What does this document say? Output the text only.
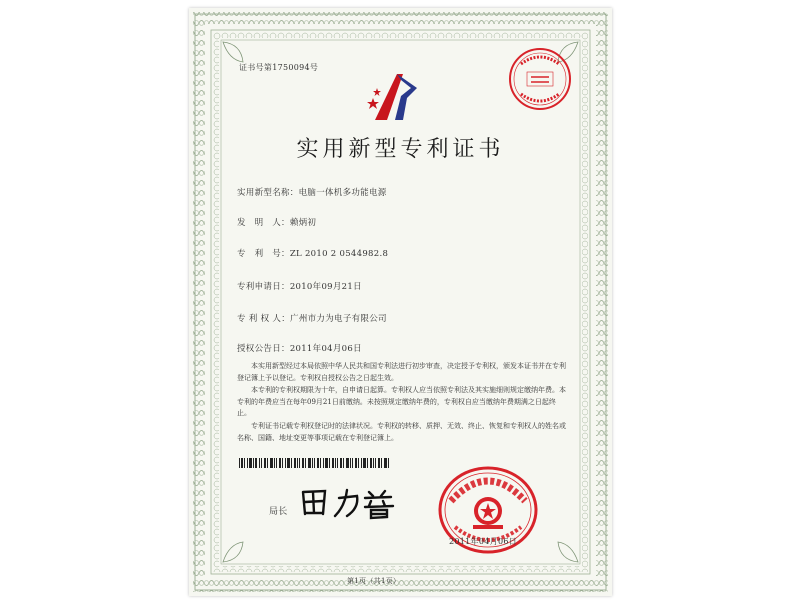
证书号第1750094号
实用新型专利证书
实用新型名称：电脑一体机多功能电源
发　明　人：赖炳初
专　利　号：ZL 2010 2 0544982.8
专利申请日：2010年09月21日
专 利 权 人：广州市力为电子有限公司
授权公告日：2011年04月06日
本实用新型经过本局依照中华人民共和国专利法进行初步审查，决定授予专利权，颁发本证书并在专利登记簿上予以登记。专利权自授权公告之日起生效。
本专利的专利权期限为十年，自申请日起算。专利权人应当依照专利法及其实施细则规定缴纳年费。本专利的年费应当在每年09月21日前缴纳。未按照规定缴纳年费的，专利权自应当缴纳年费期满之日起终止。
专利证书记载专利权登记时的法律状况。专利权的转移、质押、无效、终止、恢复和专利权人的姓名或名称、国籍、地址变更等事项记载在专利登记簿上。
局长
2011年04月06日
第1页（共1页）
